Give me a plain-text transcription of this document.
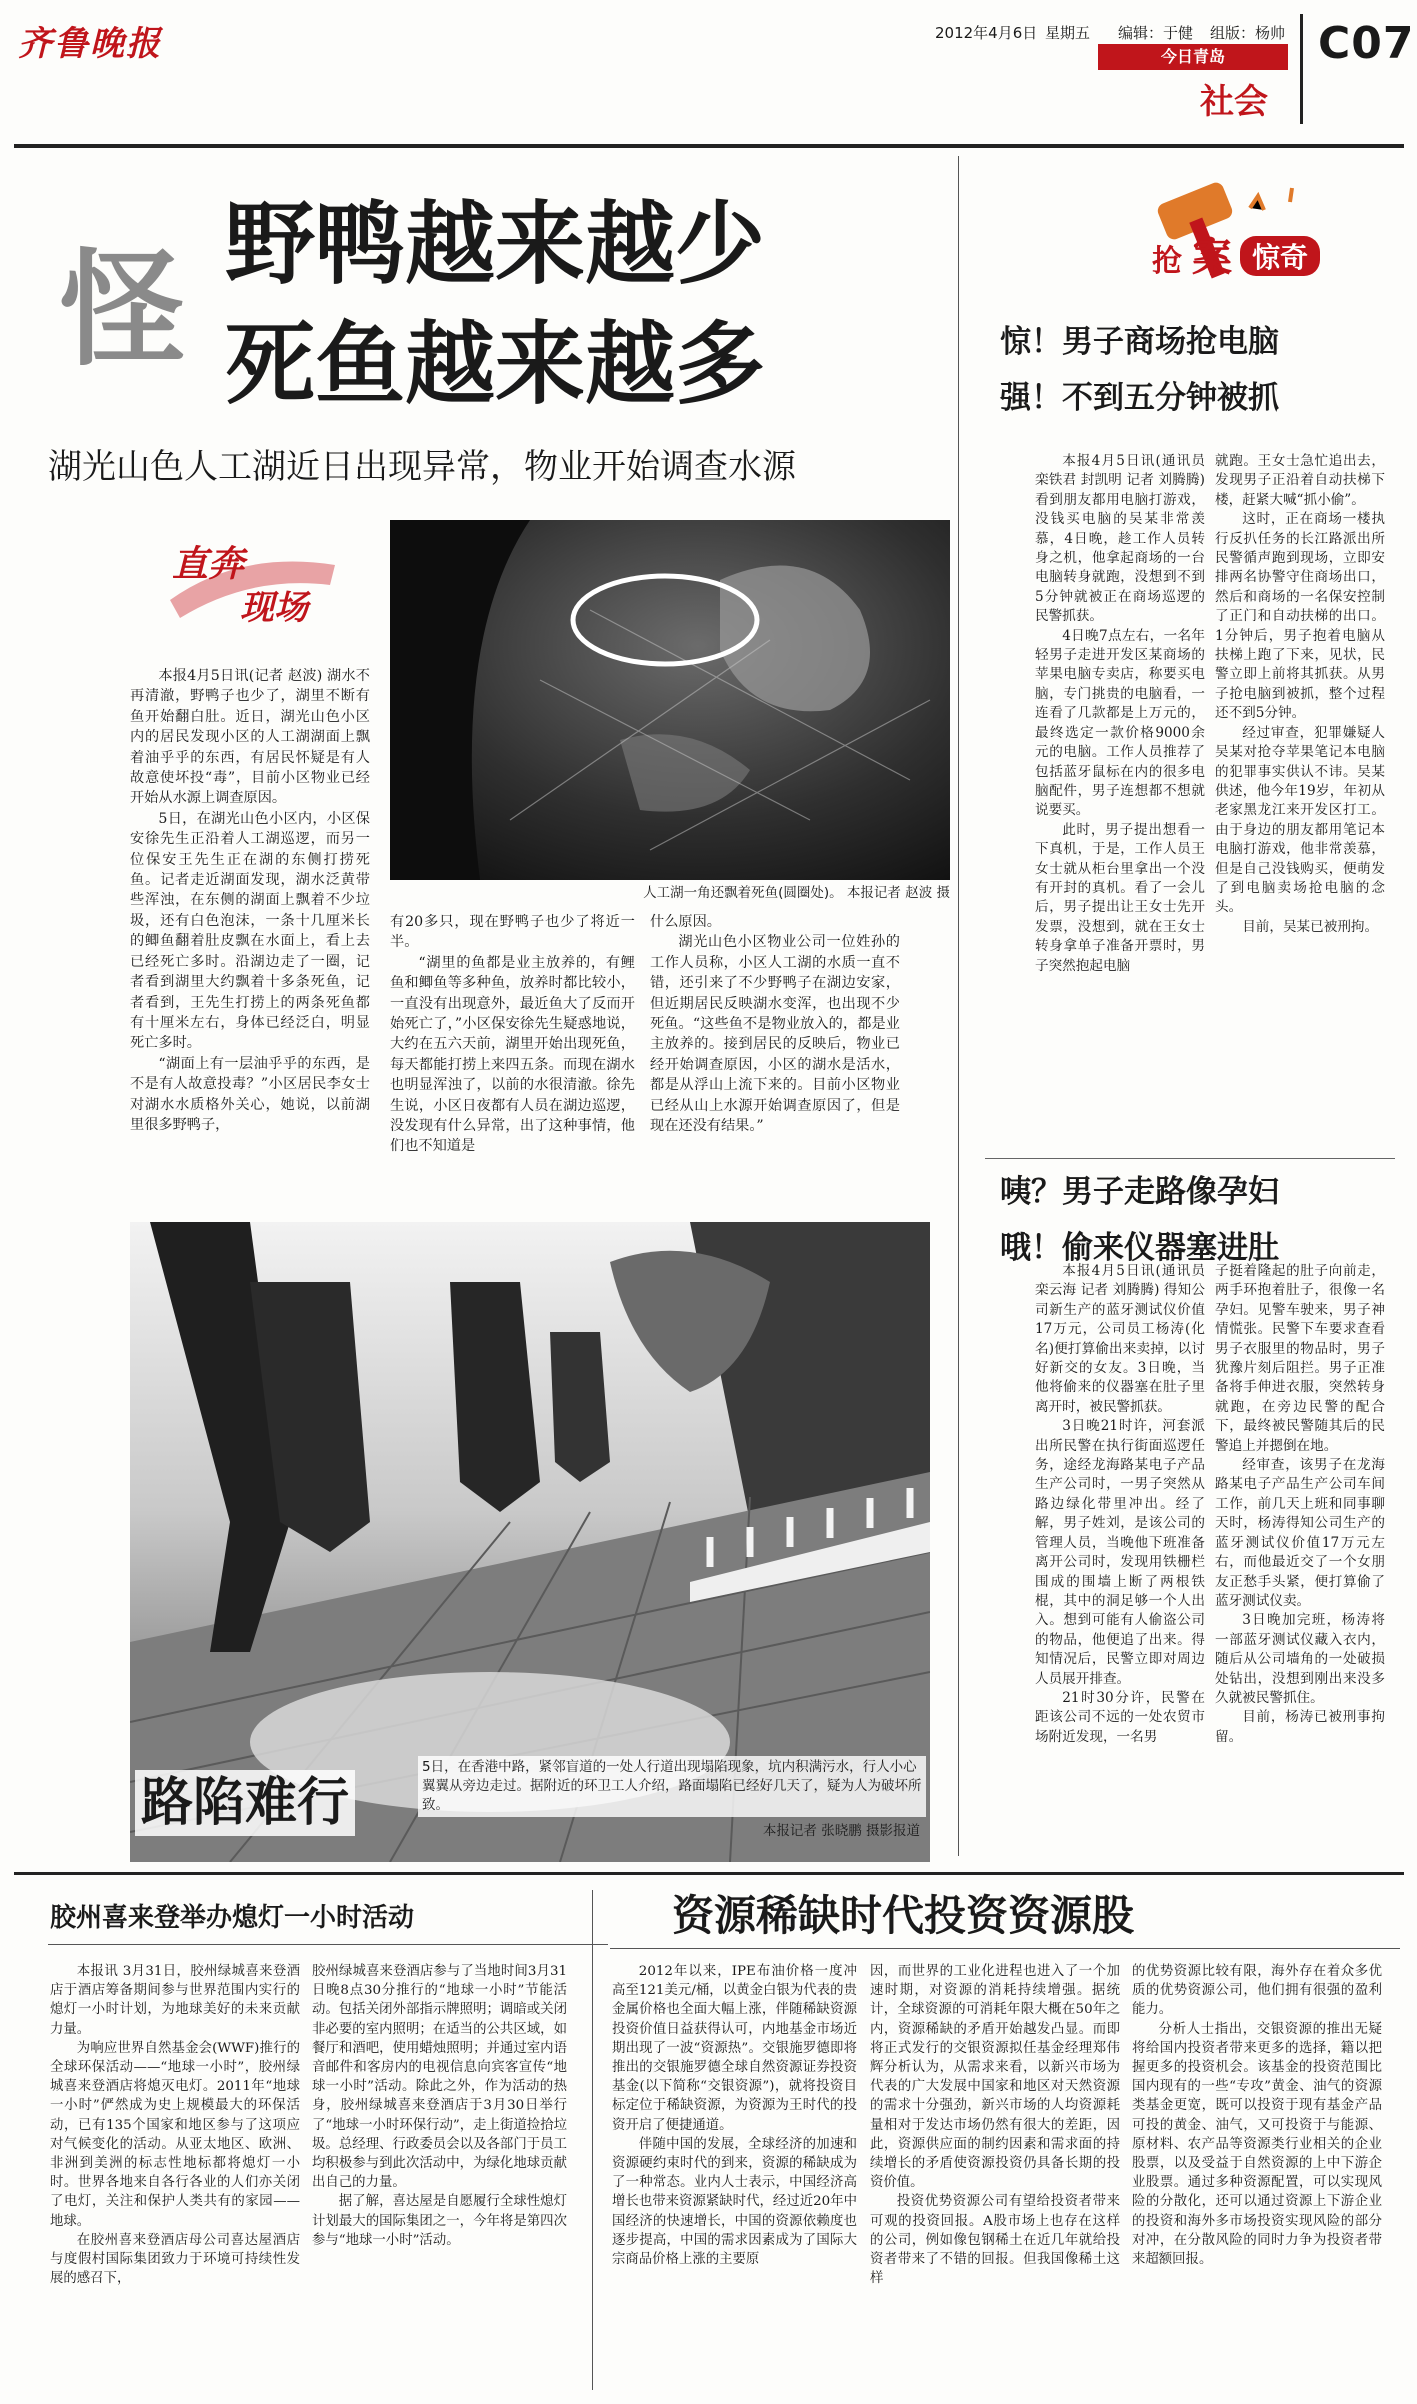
齐鲁晚报	2012年4月6日 星期五 编辑：于健 组版：杨帅
今日青岛
社会
C07
怪 野鸭越来越少
死鱼越来越多
湖光山色人工湖近日出现异常，物业开始调查水源
直奔
现场
人工湖一角还飘着死鱼(圆圈处)。 本报记者 赵波 摄

本报4月5日讯(记者 赵波) 湖水不再清澈，野鸭子也少了，湖里不断有鱼开始翻白肚。近日，湖光山色小区内的居民发现小区的人工湖湖面上飘着油乎乎的东西，有居民怀疑是有人故意使坏投“毒”，目前小区物业已经开始从水源上调查原因。

5日，在湖光山色小区内，小区保安徐先生正沿着人工湖巡逻，而另一位保安王先生正在湖的东侧打捞死鱼。记者走近湖面发现，湖水泛黄带些浑浊，在东侧的湖面上飘着不少垃圾，还有白色泡沫，一条十几厘米长的鲫鱼翻着肚皮飘在水面上，看上去已经死亡多时。沿湖边走了一圈，记者看到湖里大约飘着十多条死鱼，记者看到，王先生打捞上的两条死鱼都有十厘米左右，身体已经泛白，明显死亡多时。

“湖面上有一层油乎乎的东西，是不是有人故意投毒？”小区居民李女士对湖水水质格外关心，她说，以前湖里很多野鸭子，

有20多只，现在野鸭子也少了将近一半。

“湖里的鱼都是业主放养的，有鲤鱼和鲫鱼等多种鱼，放养时都比较小，一直没有出现意外，最近鱼大了反而开始死亡了，”小区保安徐先生疑惑地说，大约在五六天前，湖里开始出现死鱼，每天都能打捞上来四五条。而现在湖水也明显浑浊了，以前的水很清澈。徐先生说，小区日夜都有人员在湖边巡逻，没发现有什么异常，出了这种事情，他们也不知道是

什么原因。

湖光山色小区物业公司一位姓孙的工作人员称，小区人工湖的水质一直不错，还引来了不少野鸭子在湖边安家，但近期居民反映湖水变浑，也出现不少死鱼。“这些鱼不是物业放入的，都是业主放养的。接到居民的反映后，物业已经开始调查原因，小区的湖水是活水，都是从浮山上流下来的。目前小区物业已经从山上水源开始调查原因了，但是现在还没有结果。”

路陷难行
5日，在香港中路，紧邻盲道的一处人行道出现塌陷现象，坑内积满污水，行人小心翼翼从旁边走过。据附近的环卫工人介绍，路面塌陷已经好几天了，疑为人为破坏所致。
本报记者 张晓鹏 摄影报道
抢 案 惊奇
惊！男子商场抢电脑
强！不到五分钟被抓

本报4月5日讯(通讯员 栾铁君 封凯明 记者 刘腾腾) 看到朋友都用电脑打游戏，没钱买电脑的吴某非常羡慕，4日晚，趁工作人员转身之机，他拿起商场的一台电脑转身就跑，没想到不到5分钟就被正在商场巡逻的民警抓获。

4日晚7点左右，一名年轻男子走进开发区某商场的苹果电脑专卖店，称要买电脑，专门挑贵的电脑看，一连看了几款都是上万元的，最终选定一款价格9000余元的电脑。工作人员推荐了包括蓝牙鼠标在内的很多电脑配件，男子连想都不想就说要买。

此时，男子提出想看一下真机，于是，工作人员王女士就从柜台里拿出一个没有开封的真机。看了一会儿后，男子提出让王女士先开发票，没想到，就在王女士转身拿单子准备开票时，男子突然抱起电脑

就跑。王女士急忙追出去，发现男子正沿着自动扶梯下楼，赶紧大喊“抓小偷”。

这时，正在商场一楼执行反扒任务的长江路派出所民警循声跑到现场，立即安排两名协警守住商场出口，然后和商场的一名保安控制了正门和自动扶梯的出口。1分钟后，男子抱着电脑从扶梯上跑了下来，见状，民警立即上前将其抓获。从男子抢电脑到被抓，整个过程还不到5分钟。

经过审查，犯罪嫌疑人吴某对抢夺苹果笔记本电脑的犯罪事实供认不讳。吴某供述，他今年19岁，年初从老家黑龙江来开发区打工。由于身边的朋友都用笔记本电脑打游戏，他非常羡慕，但是自己没钱购买，便萌发了到电脑卖场抢电脑的念头。

目前，吴某已被刑拘。

咦？男子走路像孕妇
哦！偷来仪器塞进肚

本报4月5日讯(通讯员 栾云海 记者 刘腾腾) 得知公司新生产的蓝牙测试仪价值17万元，公司员工杨涛(化名)便打算偷出来卖掉，以讨好新交的女友。3日晚，当他将偷来的仪器塞在肚子里离开时，被民警抓获。

3日晚21时许，河套派出所民警在执行街面巡逻任务，途经龙海路某电子产品生产公司时，一男子突然从路边绿化带里冲出。经了解，男子姓刘，是该公司的管理人员，当晚他下班准备离开公司时，发现用铁栅栏围成的围墙上断了两根铁棍，其中的洞足够一个人出入。想到可能有人偷盗公司的物品，他便追了出来。得知情况后，民警立即对周边人员展开排查。

21时30分许，民警在距该公司不远的一处农贸市场附近发现，一名男

子挺着隆起的肚子向前走，两手环抱着肚子，很像一名孕妇。见警车驶来，男子神情慌张。民警下车要求查看男子衣服里的物品时，男子犹豫片刻后阻拦。男子正准备将手伸进衣服，突然转身就跑，在旁边民警的配合下，最终被民警随其后的民警追上并摁倒在地。

经审查，该男子在龙海路某电子产品生产公司车间工作，前几天上班和同事聊天时，杨涛得知公司生产的蓝牙测试仪价值17万元左右，而他最近交了一个女朋友正愁手头紧，便打算偷了蓝牙测试仪卖。

3日晚加完班，杨涛将一部蓝牙测试仪藏入衣内，随后从公司墙角的一处破损处钻出，没想到刚出来没多久就被民警抓住。

目前，杨涛已被刑事拘留。

胶州喜来登举办熄灯一小时活动

本报讯 3月31日，胶州绿城喜来登酒店于酒店筹备期间参与世界范围内实行的熄灯一小时计划，为地球美好的未来贡献力量。

为响应世界自然基金会(WWF)推行的全球环保活动——“地球一小时”，胶州绿城喜来登酒店将熄灭电灯。2011年“地球一小时”俨然成为史上规模最大的环保活动，已有135个国家和地区参与了这项应对气候变化的活动。从亚太地区、欧洲、非洲到美洲的标志性地标都将熄灯一小时。世界各地来自各行各业的人们亦关闭了电灯，关注和保护人类共有的家园——地球。

在胶州喜来登酒店母公司喜达屋酒店与度假村国际集团致力于环境可持续性发展的感召下，

胶州绿城喜来登酒店参与了当地时间3月31日晚8点30分推行的“地球一小时”节能活动。包括关闭外部指示牌照明；调暗或关闭非必要的室内照明；在适当的公共区域，如餐厅和酒吧，使用蜡烛照明；并通过室内语音邮件和客房内的电视信息向宾客宣传“地球一小时”活动。除此之外，作为活动的热身，胶州绿城喜来登酒店于3月30日举行了“地球一小时环保行动”，走上街道捡拾垃圾。总经理、行政委员会以及各部门于员工均积极参与到此次活动中，为绿化地球贡献出自己的力量。

据了解，喜达屋是自愿履行全球性熄灯计划最大的国际集团之一，今年将是第四次参与“地球一小时”活动。

资源稀缺时代投资资源股

2012年以来，IPE布油价格一度冲高至121美元/桶，以黄金白银为代表的贵金属价格也全面大幅上涨，伴随稀缺资源投资价值日益获得认可，内地基金市场近期出现了一波“资源热”。交银施罗德即将推出的交银施罗德全球自然资源证券投资基金(以下简称“交银资源”)，就将投资目标定位于稀缺资源，为资源为王时代的投资开启了便捷通道。

伴随中国的发展，全球经济的加速和资源硬约束时代的到来，资源的稀缺成为了一种常态。业内人士表示，中国经济高增长也带来资源紧缺时代，经过近20年中国经济的快速增长，中国的资源依赖度也逐步提高，中国的需求因素成为了国际大宗商品价格上涨的主要原

因，而世界的工业化进程也进入了一个加速时期，对资源的消耗持续增强。据统计，全球资源的可消耗年限大概在50年之内，资源稀缺的矛盾开始越发凸显。而即将正式发行的交银资源拟任基金经理郑伟辉分析认为，从需求来看，以新兴市场为代表的广大发展中国家和地区对天然资源的需求十分强劲，新兴市场的人均资源耗量相对于发达市场仍然有很大的差距，因此，资源供应面的制约因素和需求面的持续增长的矛盾使资源投资仍具备长期的投资价值。

投资优势资源公司有望给投资者带来可观的投资回报。A股市场上也存在这样的公司，例如像包钢稀土在近几年就给投资者带来了不错的回报。但我国像稀土这样

的优势资源比较有限，海外存在着众多优质的优势资源公司，他们拥有很强的盈利能力。

分析人士指出，交银资源的推出无疑将给国内投资者带来更多的选择，籍以把握更多的投资机会。该基金的投资范围比国内现有的一些“专攻”黄金、油气的资源类基金更宽，既可以投资于现有基金产品可投的黄金、油气，又可投资于与能源、原材料、农产品等资源类行业相关的企业股票，以及受益于自然资源的上中下游企业股票。通过多种资源配置，可以实现风险的分散化，还可以通过资源上下游企业的投资和海外多市场投资实现风险的部分对冲，在分散风险的同时力争为投资者带来超额回报。
